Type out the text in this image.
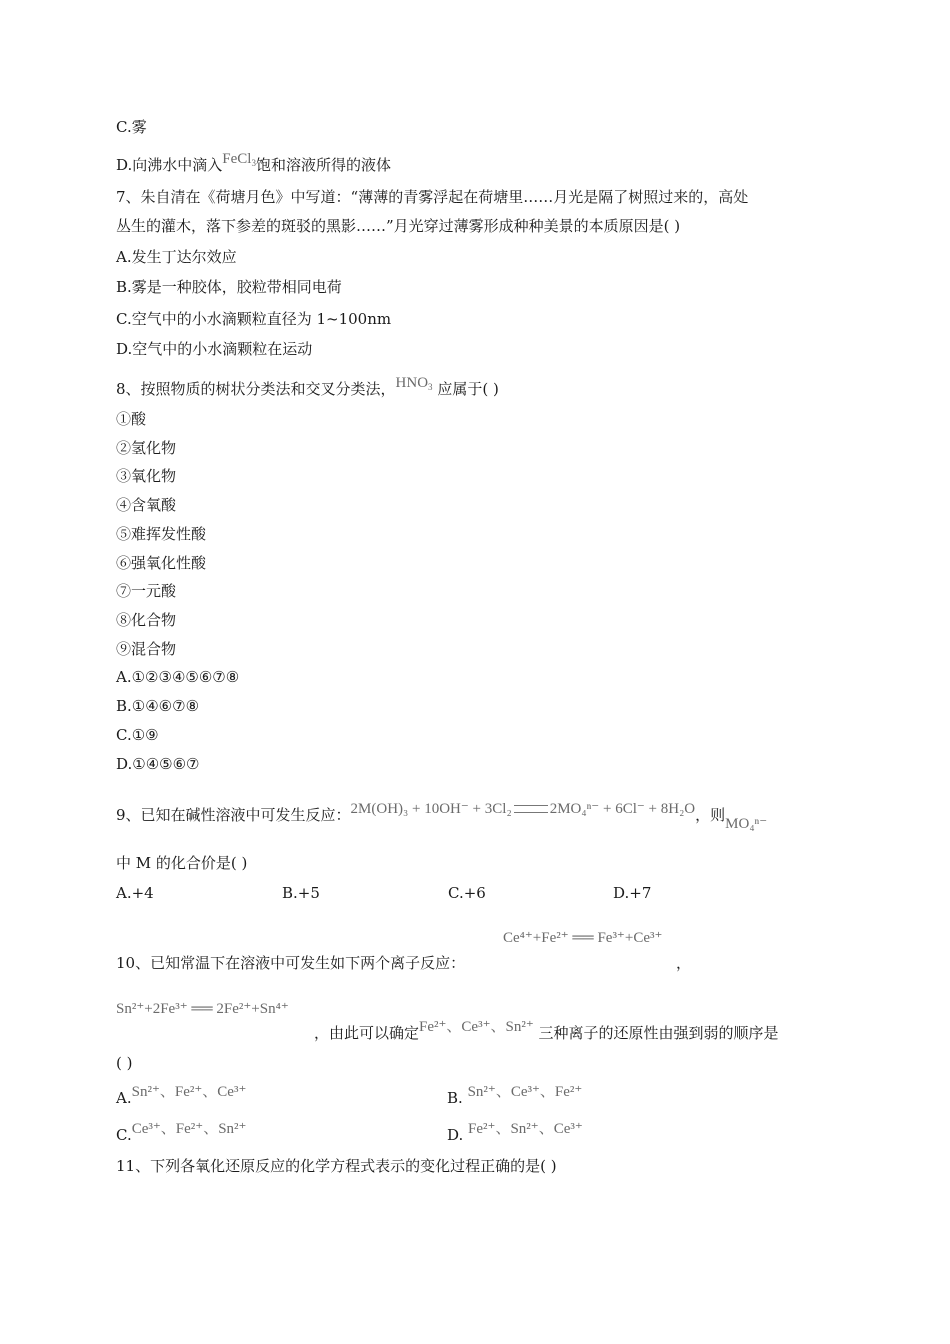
C.雾
D.向沸水中滴入FeCl$_3$饱和溶液所得的液体
7、朱自清在《荷塘月色》中写道：“薄薄的青雾浮起在荷塘里……月光是隔了树照过来的，高处
丛生的灌木，落下参差的斑驳的黑影……”月光穿过薄雾形成种种美景的本质原因是( )
A.发生丁达尔效应
B.雾是一种胶体，胶粒带相同电荷
C.空气中的小水滴颗粒直径为 1~100nm
D.空气中的小水滴颗粒在运动
8、按照物质的树状分类法和交叉分类法，$HNO_3$ 应属于( )
①酸
②氢化物
③氧化物
④含氧酸
⑤难挥发性酸
⑥强氧化性酸
⑦一元酸
⑧化合物
⑨混合物
A.①②③④⑤⑥⑦⑧
B.①④⑥⑦⑧
C.①⑨
D.①④⑤⑥⑦
9、已知在碱性溶液中可发生反应：2M(OH)₃ + 10OH⁻ + 3Cl₂	2MO₄ⁿ⁻ + 6Cl⁻ + 8H₂O，则MO₄ⁿ⁻
中 M 的化合价是( )
A.+4	B.+5	C.+6	D.+7
Ce⁴⁺+Fe²⁺ ══ Fe³⁺+Ce³⁺
10、已知常温下在溶液中可发生如下两个离子反应：	，
Sn²⁺+2Fe³⁺ ══ 2Fe²⁺+Sn⁴⁺
，由此可以确定Fe²⁺、Ce³⁺、Sn²⁺ 三种离子的还原性由强到弱的顺序是
( )
A.Sn²⁺、Fe²⁺、Ce³⁺	B. Sn²⁺、Ce³⁺、Fe²⁺
C.Ce³⁺、Fe²⁺、Sn²⁺	D. Fe²⁺、Sn²⁺、Ce³⁺
11、下列各氧化还原反应的化学方程式表示的变化过程正确的是( )
